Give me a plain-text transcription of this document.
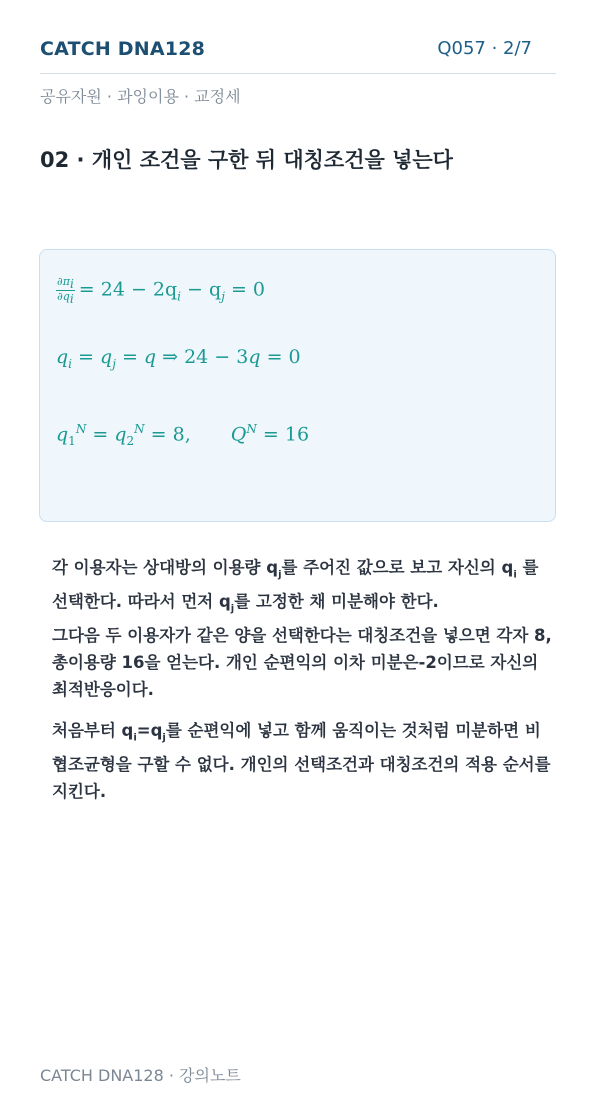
CATCH DNA128	Q057 · 2/7
공유자원 · 과잉이용 · 교정세
02 · 개인 조건을 구한 뒤 대칭조건을 넣는다
$\frac{\partial\pi_i}{\partial q_i} = 24 - 2q_i - q_j = 0$
$q_i = q_j = q$ ⇒ 24 − 3q = 0
$q_1^N = q_2^N = 8$, $Q^N = 16$
각 이용자는 상대방의 이용량 $q_j$를 주어진 값으로 보고 자신의 $q_i$ 를 선택한다. 따라서 먼저 $q_j$를 고정한 채 미분해야 한다.
그다음 두 이용자가 같은 양을 선택한다는 대칭조건을 넣으면 각자 8, 총이용량 16을 얻는다. 개인 순편익의 이차 미분은-2이므로 자신의 최적반응이다.
처음부터 $q_i=q_j$를 순편익에 넣고 함께 움직이는 것처럼 미분하면 비협조균형을 구할 수 없다. 개인의 선택조건과 대칭조건의 적용 순서를 지킨다.
CATCH DNA128 · 강의노트
